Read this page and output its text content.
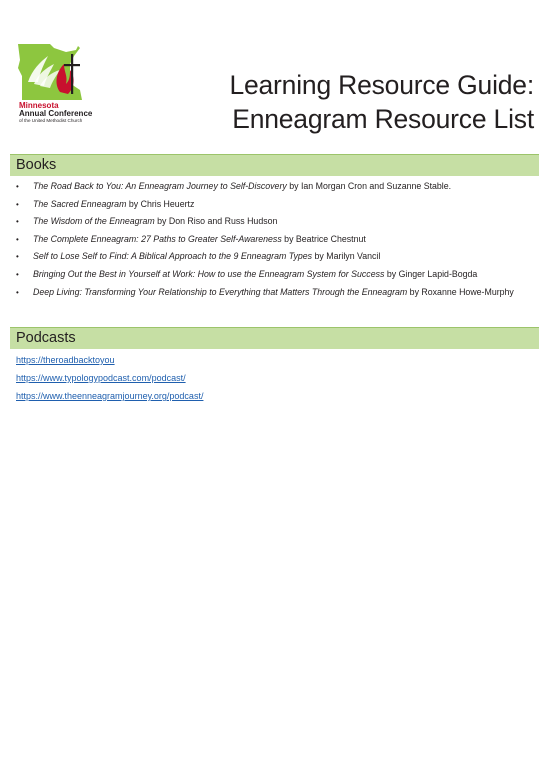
Minnesota
Annual Conference
of the United Methodist Church
Learning Resource Guide:
Enneagram Resource List
Books
• The Road Back to You: An Enneagram Journey to Self-Discovery by Ian Morgan Cron and Suzanne Stable.
• The Sacred Enneagram by Chris Heuertz
• The Wisdom of the Enneagram by Don Riso and Russ Hudson
• The Complete Enneagram: 27 Paths to Greater Self-Awareness by Beatrice Chestnut
• Self to Lose Self to Find: A Biblical Approach to the 9 Enneagram Types by Marilyn Vancil
• Bringing Out the Best in Yourself at Work: How to use the Enneagram System for Success by Ginger Lapid-Bogda
• Deep Living: Transforming Your Relationship to Everything that Matters Through the Enneagram by Roxanne Howe-Murphy
Podcasts
https://theroadbacktoyou
https://www.typologypodcast.com/podcast/
https://www.theenneagramjourney.org/podcast/
